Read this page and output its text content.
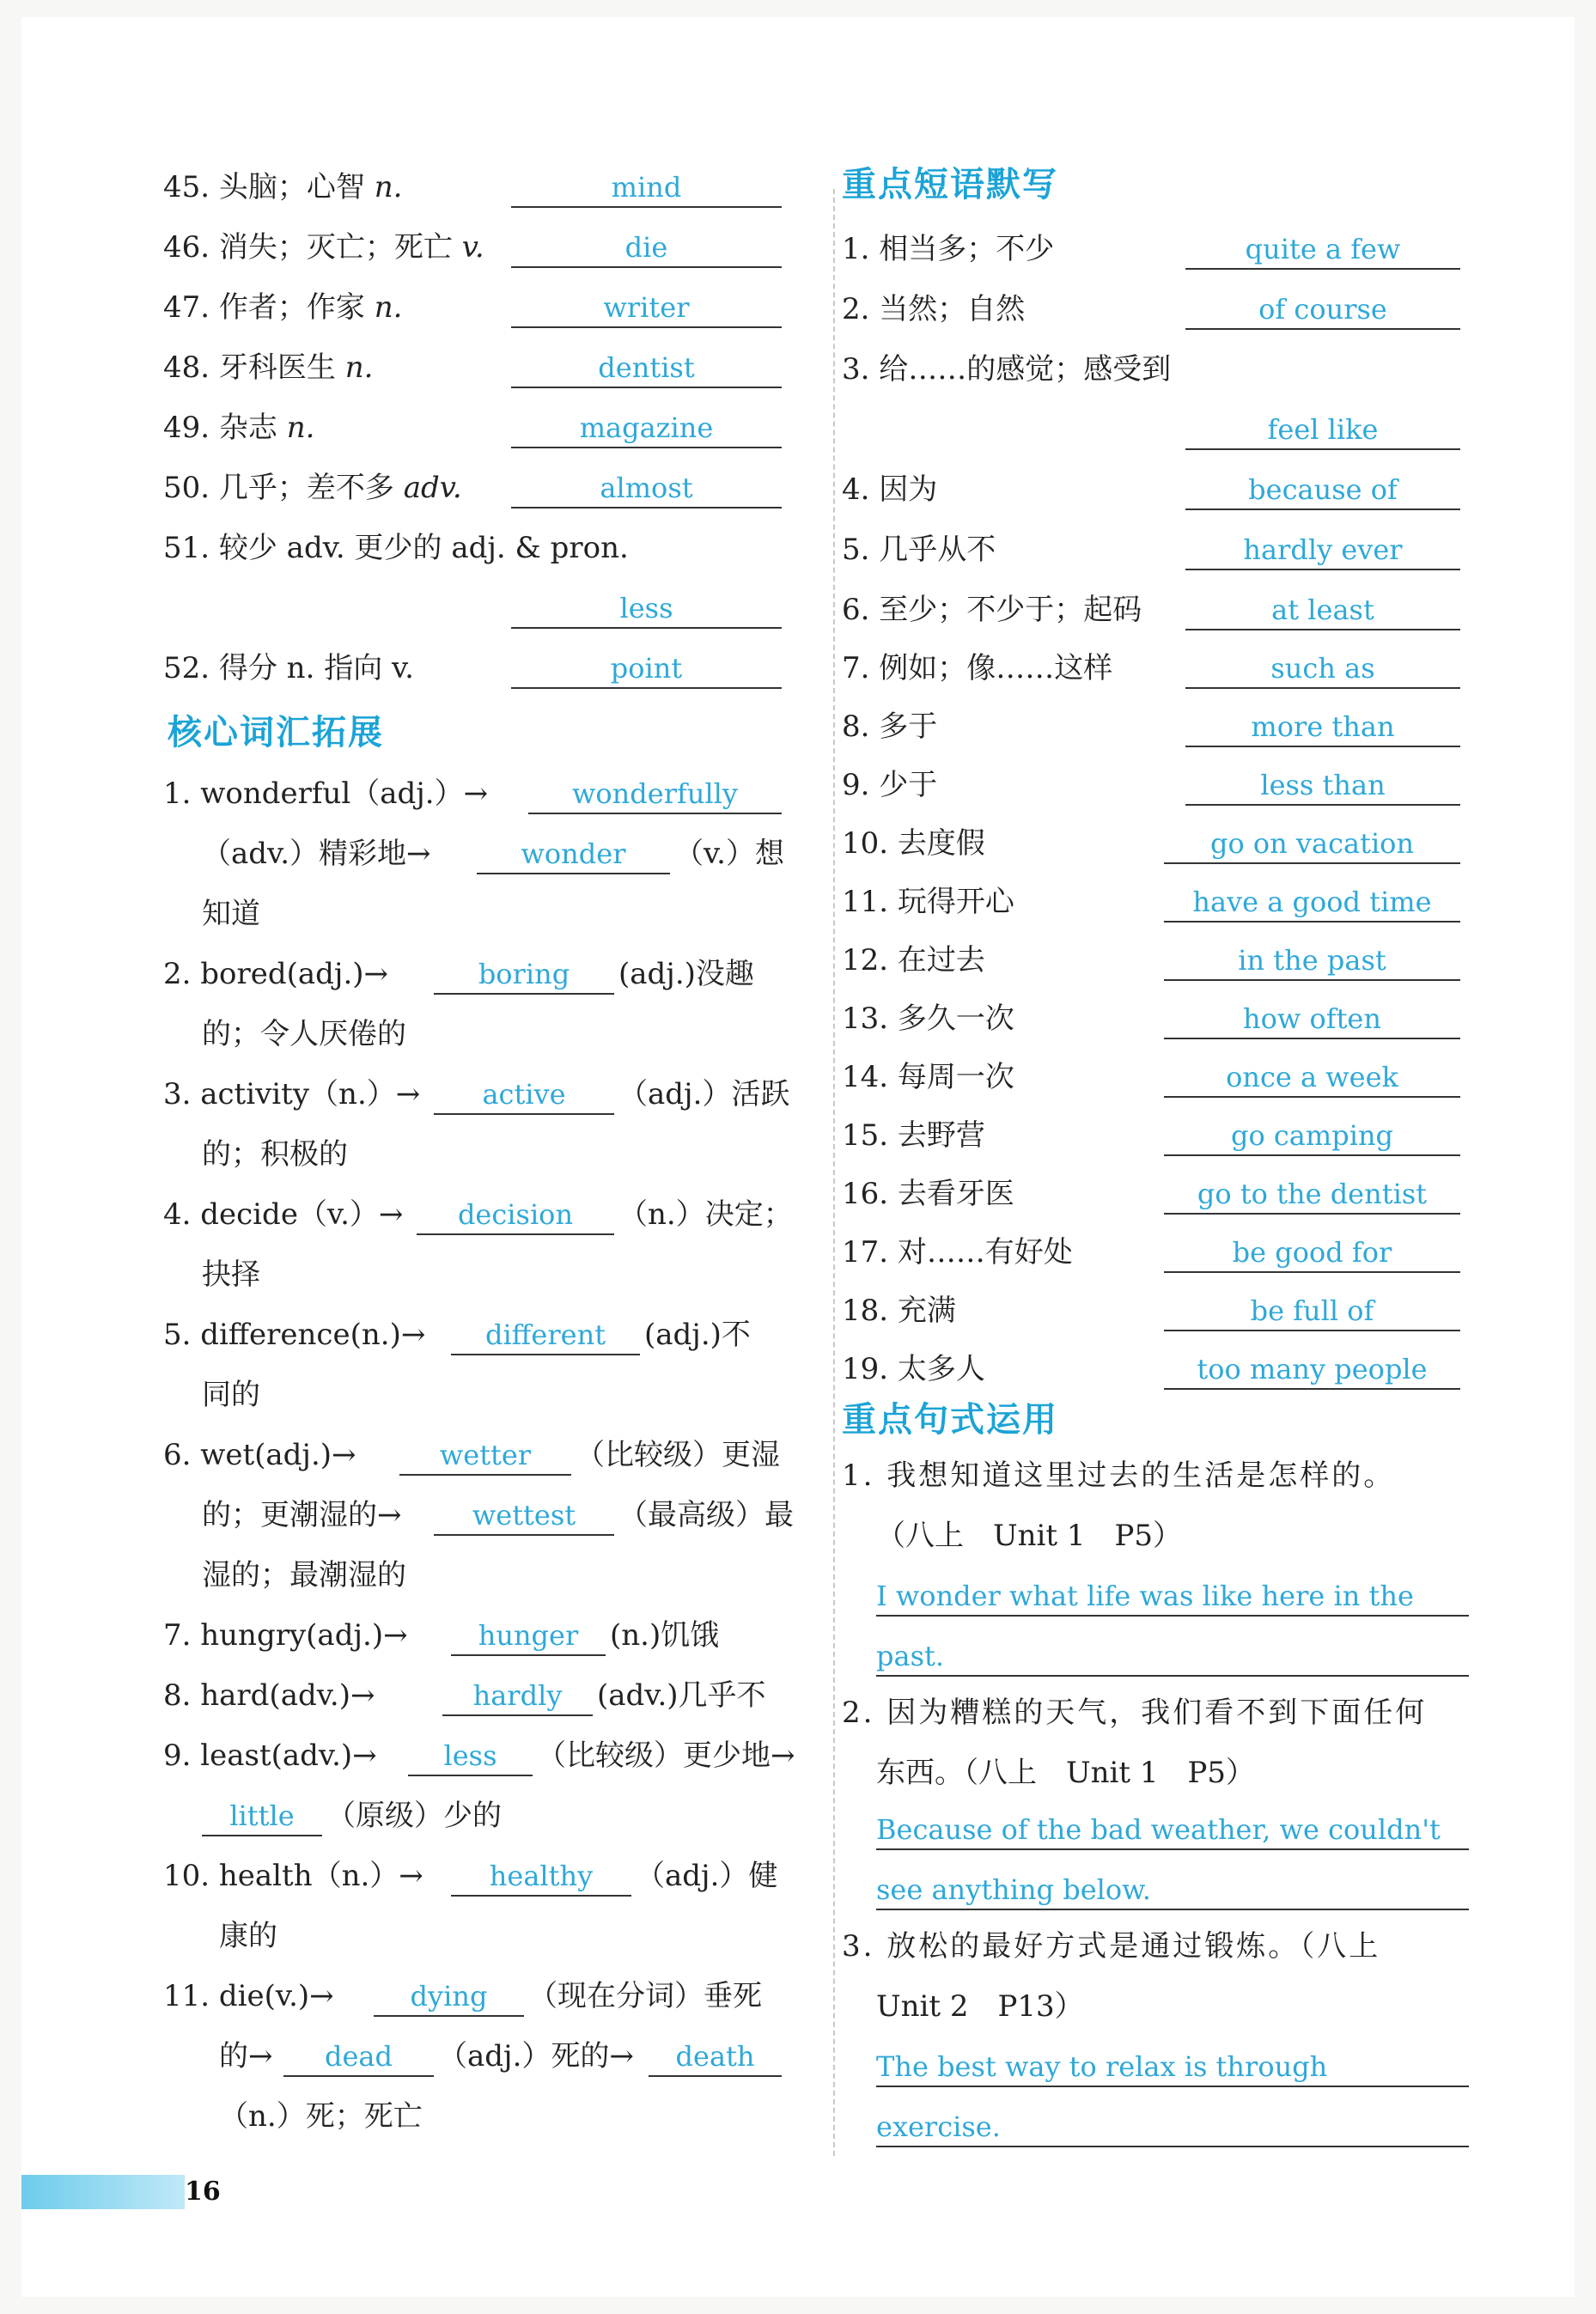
45. 头脑；心智 n.	mind
46. 消失；灭亡；死亡 v.	die
47. 作者；作家 n.	writer
48. 牙科医生 n.	dentist
49. 杂志 n.	magazine
50. 几乎；差不多 adv.	almost
51. 较少 adv. 更少的 adj. & pron.
less
52. 得分 n. 指向 v.	point
核心词汇拓展
1. wonderful（adj.）→	wonderfully
（adv.）精彩地→	wonder	（v.）想
知道
2. bored(adj.)→	boring	(adj.)没趣
的；令人厌倦的
3. activity（n.）→	active	（adj.）活跃
的；积极的
4. decide（v.）→	decision	（n.）决定；
抉择
5. difference(n.)→	different	(adj.)不
同的
6. wet(adj.)→	wetter	（比较级）更湿
的；更潮湿的→	wettest	（最高级）最
湿的；最潮湿的
7. hungry(adj.)→	hunger	(n.)饥饿
8. hard(adv.)→	hardly	(adv.)几乎不
9. least(adv.)→	less	（比较级）更少地→
little	（原级）少的
10. health（n.）→	healthy	（adj.）健
康的
11. die(v.)→	dying	（现在分词）垂死
的→	dead	（adj.）死的→	death
（n.）死；死亡
重点短语默写
1. 相当多；不少	quite a few
2. 当然；自然	of course
3. 给……的感觉；感受到
feel like
4. 因为	because of
5. 几乎从不	hardly ever
6. 至少；不少于；起码	at least
7. 例如；像……这样	such as
8. 多于	more than
9. 少于	less than
10. 去度假	go on vacation
11. 玩得开心	have a good time
12. 在过去	in the past
13. 多久一次	how often
14. 每周一次	once a week
15. 去野营	go camping
16. 去看牙医	go to the dentist
17. 对……有好处	be good for
18. 充满	be full of
19. 太多人	too many people
重点句式运用
1. 我想知道这里过去的生活是怎样的。
（八上　Unit 1　P5）
I wonder what life was like here in the
past.
2. 因为糟糕的天气，我们看不到下面任何
东西。（八上　Unit 1　P5）
Because of the bad weather, we couldn't
see anything below.
3. 放松的最好方式是通过锻炼。（八上
Unit 2　P13）
The best way to relax is through
exercise.
16
